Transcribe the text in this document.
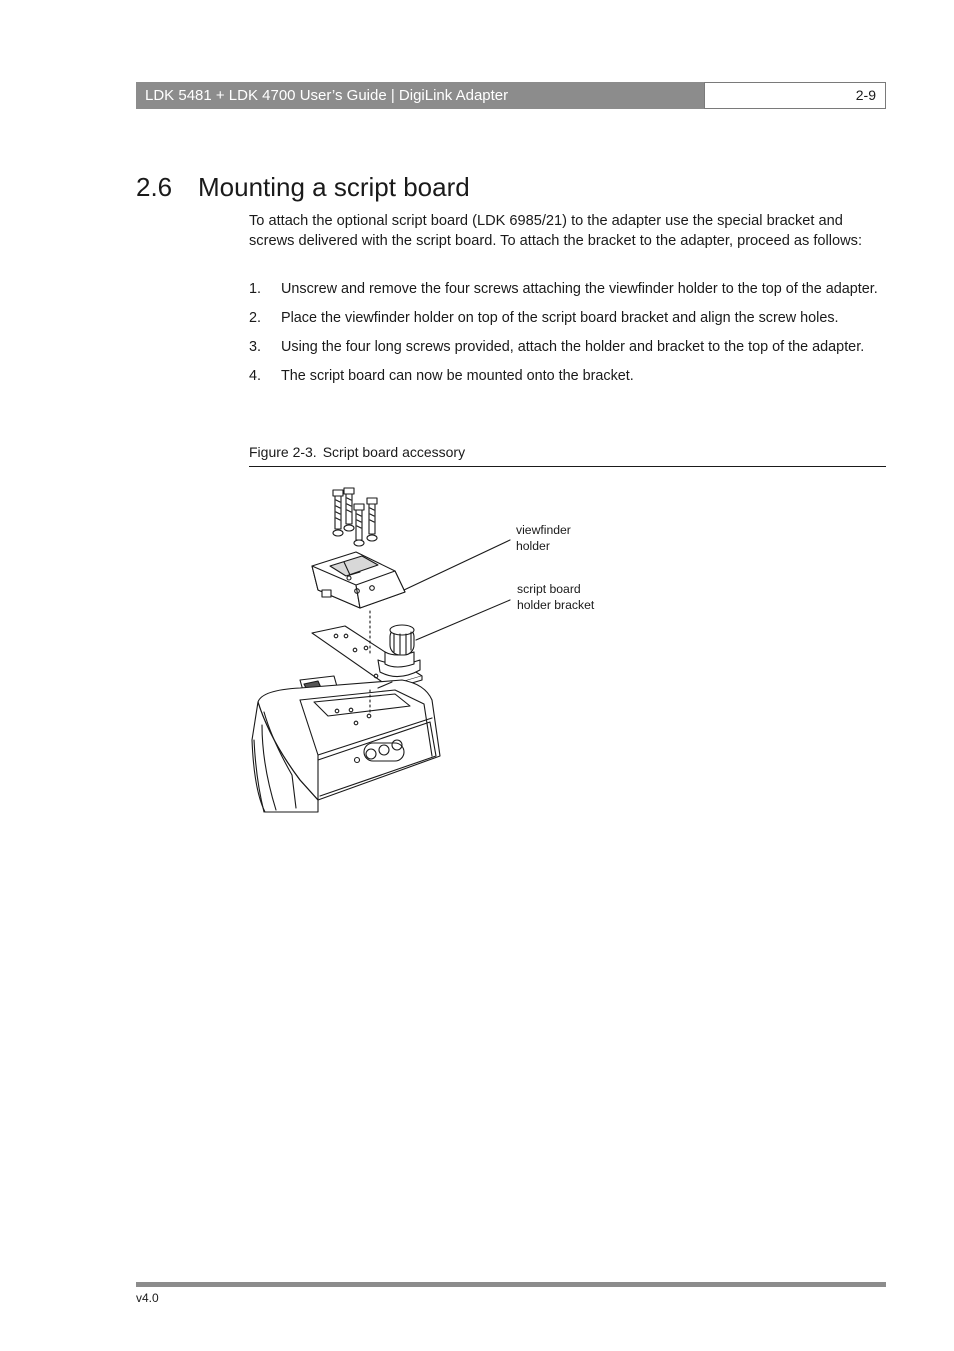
LDK 5481 + LDK 4700 User’s Guide | DigiLink Adapter	2-9
2.6 Mounting a script board

To attach the optional script board (LDK 6985/21) to the adapter use the special bracket and screws delivered with the script board. To attach the bracket to the adapter, proceed as follows:

1. Unscrew and remove the four screws attaching the viewfinder holder to the top of the adapter.
2. Place the viewfinder holder on top of the script board bracket and align the screw holes.
3. Using the four long screws provided, attach the holder and bracket to the top of the adapter.
4. The script board can now be mounted onto the bracket.
Figure 2-3. Script board accessory
viewfinder
holder
script board
holder bracket
v4.0
